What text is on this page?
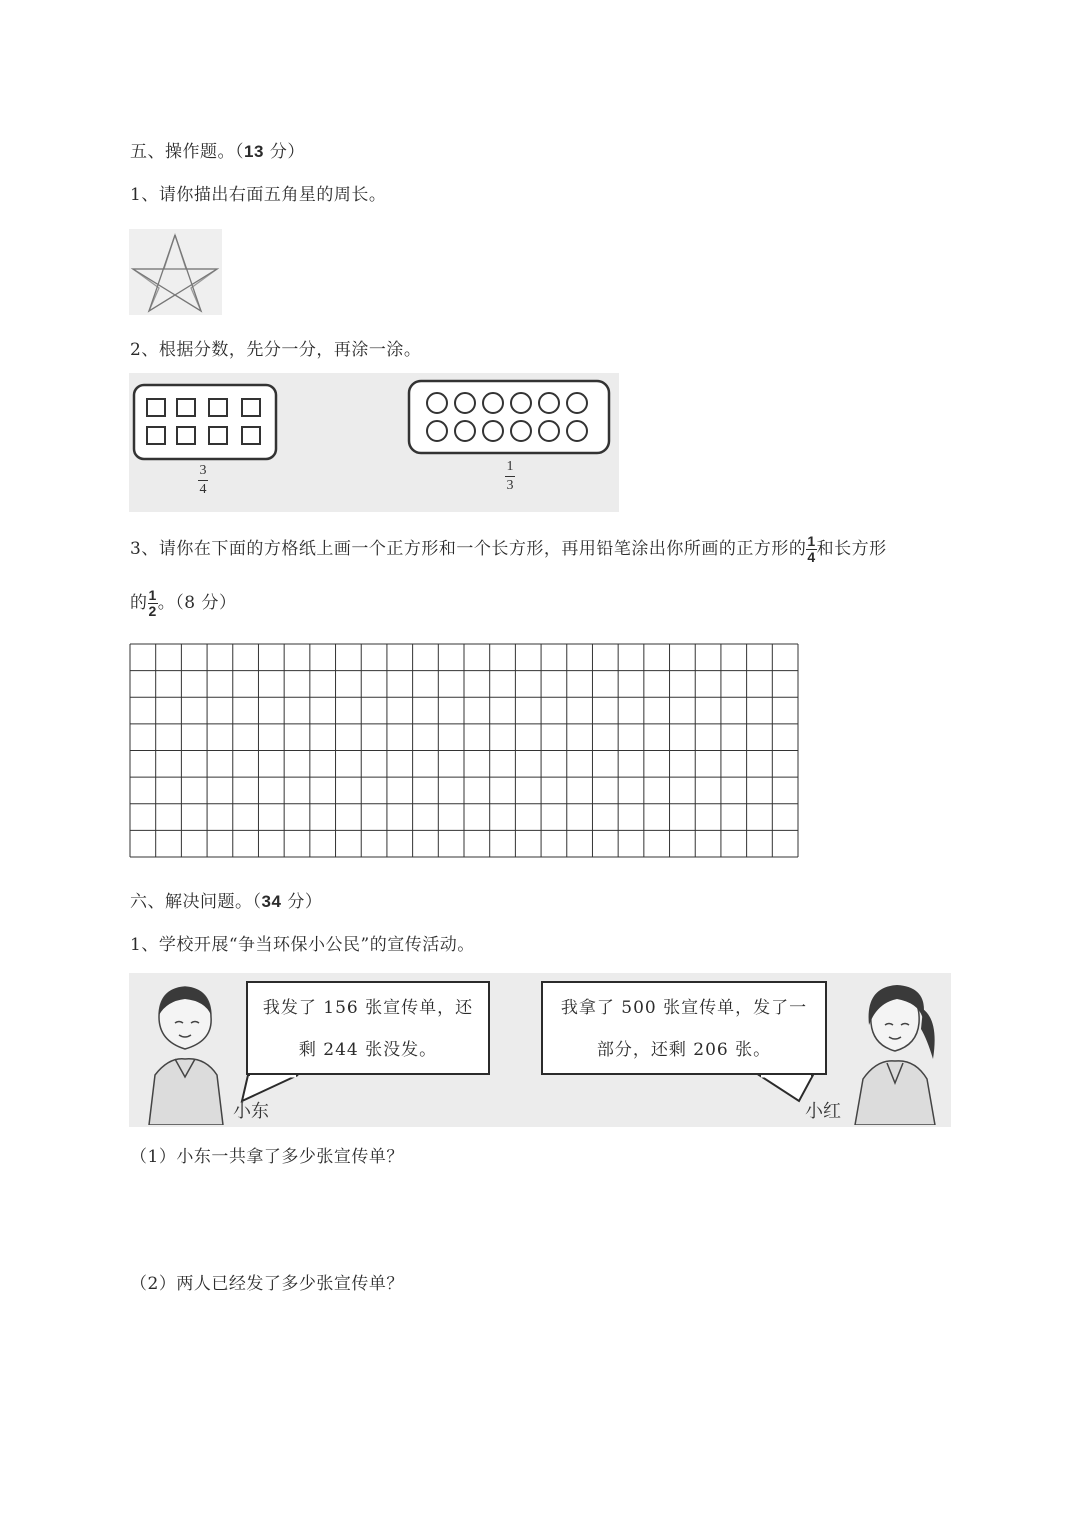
五、操作题。（13 分）
1、请你描出右面五角星的周长。
2、根据分数，先分一分，再涂一涂。
3
4
1
3
3、请你在下面的方格纸上画一个正方形和一个长方形，再用铅笔涂出你所画的正方形的 $\frac{1}{4}$ 和长方形
的 $\frac{1}{2}$ 。（8 分）
六、解决问题。（34 分）
1、学校开展“争当环保小公民”的宣传活动。
小东

我发了 156 张宣传单，还

剩 244 张没发。

我拿了 500 张宣传单，发了一

部分，还剩 206 张。

小红
（1）小东一共拿了多少张宣传单？
（2）两人已经发了多少张宣传单？
